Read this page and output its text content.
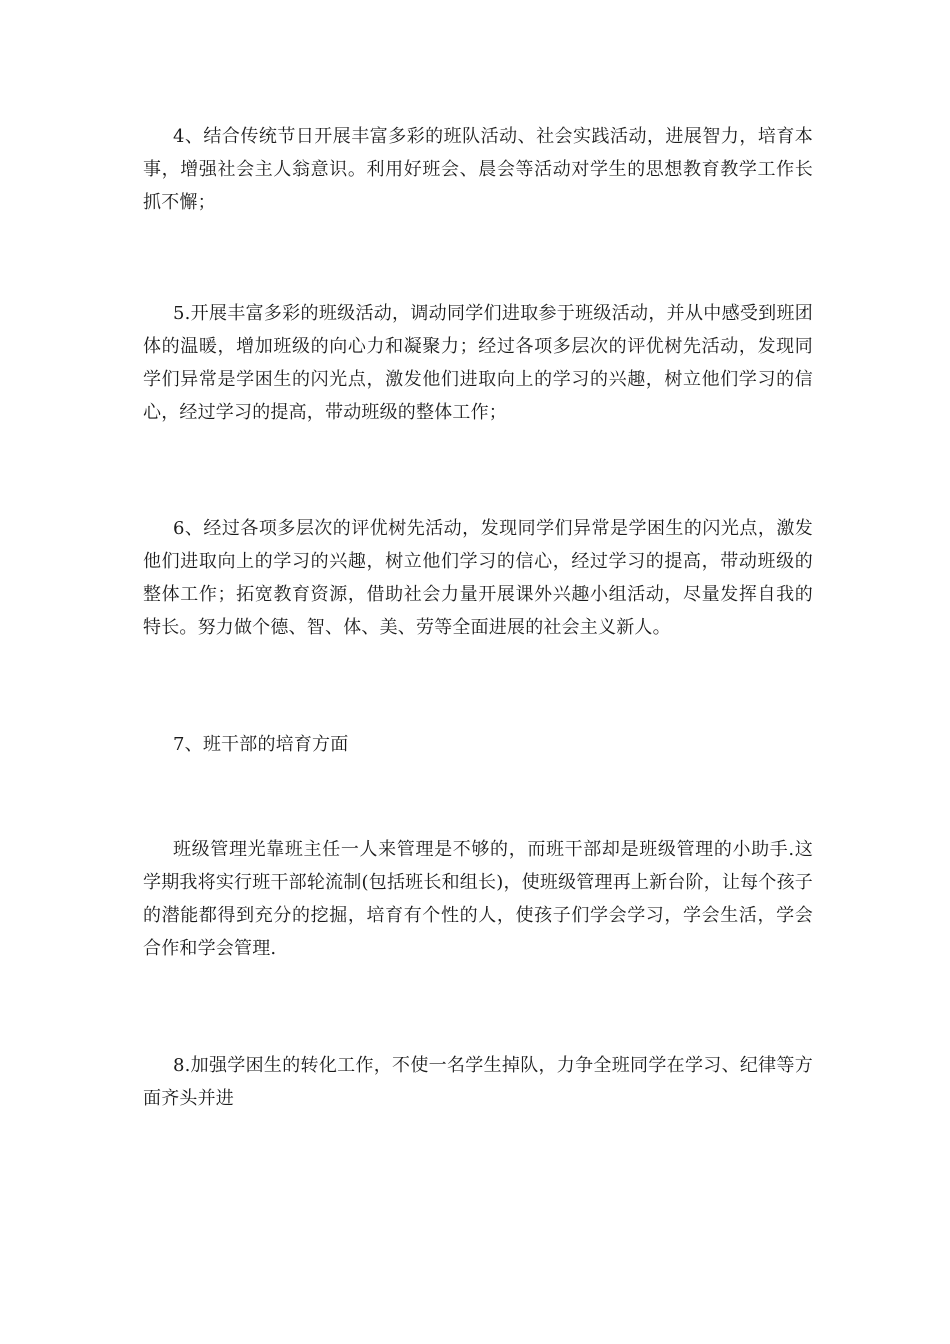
4、结合传统节日开展丰富多彩的班队活动、社会实践活动，进展智力，培育本事，增强社会主人翁意识。利用好班会、晨会等活动对学生的思想教育教学工作长抓不懈；

5.开展丰富多彩的班级活动，调动同学们进取参于班级活动，并从中感受到班团体的温暖，增加班级的向心力和凝聚力；经过各项多层次的评优树先活动，发现同学们异常是学困生的闪光点，激发他们进取向上的学习的兴趣，树立他们学习的信心，经过学习的提高，带动班级的整体工作；

6、经过各项多层次的评优树先活动，发现同学们异常是学困生的闪光点，激发他们进取向上的学习的兴趣，树立他们学习的信心，经过学习的提高，带动班级的整体工作；拓宽教育资源，借助社会力量开展课外兴趣小组活动，尽量发挥自我的特长。努力做个德、智、体、美、劳等全面进展的社会主义新人。

7、班干部的培育方面

班级管理光靠班主任一人来管理是不够的，而班干部却是班级管理的小助手.这学期我将实行班干部轮流制(包括班长和组长)，使班级管理再上新台阶，让每个孩子的潜能都得到充分的挖掘，培育有个性的人，使孩子们学会学习，学会生活，学会合作和学会管理.

8.加强学困生的转化工作，不使一名学生掉队，力争全班同学在学习、纪律等方面齐头并进
